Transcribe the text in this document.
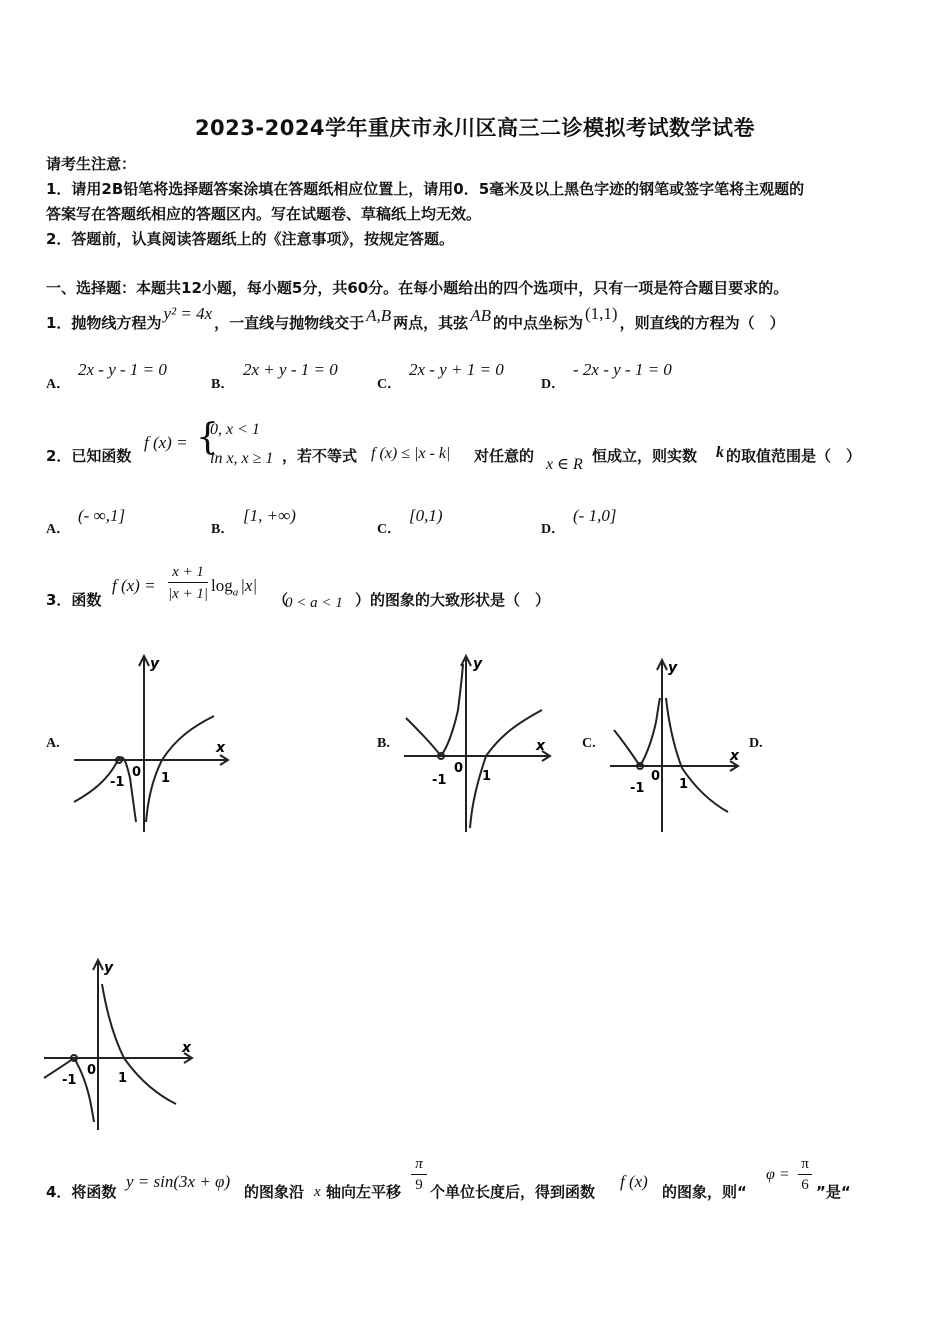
2023-2024学年重庆市永川区高三二诊模拟考试数学试卷
请考生注意：
1．请用2B铅笔将选择题答案涂填在答题纸相应位置上，请用0．5毫米及以上黑色字迹的钢笔或签字笔将主观题的
答案写在答题纸相应的答题区内。写在试题卷、草稿纸上均无效。
2．答题前，认真阅读答题纸上的《注意事项》，按规定答题。
一、选择题：本题共12小题，每小题5分，共60分。在每小题给出的四个选项中，只有一项是符合题目要求的。
1．抛物线方程为 y² = 4x ，一直线与抛物线交于 A,B 两点，其弦 AB 的中点坐标为 (1,1) ，则直线的方程为（　）
A．
2x - y - 1 = 0
B．
2x + y - 1 = 0
C．
2x - y + 1 = 0
D．
- 2x - y - 1 = 0
2．已知函数
f (x) = {
0, x < 1
ln x, x ≥ 1 ，若不等式 f (x) ≤ |x - k| 对任意的 x ∈ R 恒成立，则实数 k 的取值范围是（　）
A．
(- ∞,1]
B．
[1, +∞)
C．
[0,1)
D．
(- 1,0]
3．函数
f (x) =
x + 1
|x + 1| $\log_a |x|$
（
0 < a < 1 ）的图象的大致形状是（　）
A.	B.	C.	D.
x
y
-1
0 1
x
y
-1
0
1
x
y
-1
0
1
x
y
-1
0
1
4．将函数
y = sin(3x + φ)
的图象沿 x 轴向左平移
π
9 个单位长度后，得到函数
f (x)
的图象，则“
φ =
π
6 ”是“
